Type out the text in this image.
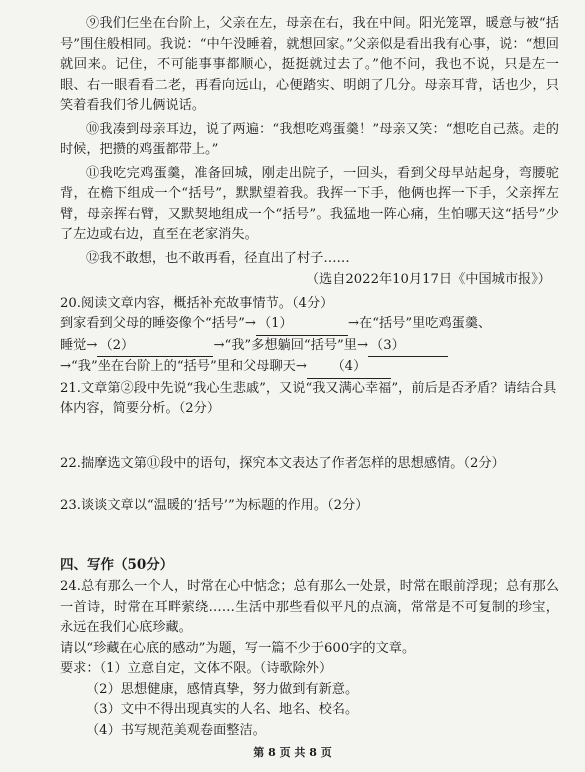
⑨我们仨坐在台阶上，父亲在左，母亲在右，我在中间。阳光笼罩，暖意与被“括号”围住般相同。我说：“中午没睡着，就想回家。”父亲似是看出我有心事，说：“想回就回来。记住，不可能事事都顺心，挺挺就过去了。”他不问，我也不说，只是左一眼、右一眼看看二老，再看向远山，心便踏实、明朗了几分。母亲耳背，话也少，只笑着看我们爷儿俩说话。

⑩我凑到母亲耳边，说了两遍：“我想吃鸡蛋羹！”母亲又笑：“想吃自己蒸。走的时候，把攒的鸡蛋都带上。”

⑪我吃完鸡蛋羹，准备回城，刚走出院子，一回头，看到父母早站起身，弯腰驼背，在檐下组成一个“括号”，默默望着我。我挥一下手，他俩也挥一下手，父亲挥左臂，母亲挥右臂，又默契地组成一个“括号”。我猛地一阵心痛，生怕哪天这“括号”少了左边或右边，直至在老家消失。

⑫我不敢想，也不敢再看，径直出了村子……

（选自2022年10月17日《中国城市报》）

20.阅读文章内容，概括补充故事情节。（4分）

到家看到父母的睡姿像个“括号”→ （1）	→在“括号”里吃鸡蛋羹、

睡觉→ （2）	→“我”多想躺回“括号”里→ （3）

→“我”坐在台阶上的“括号”里和父母聊天→ （4）

21.文章第②段中先说“我心生悲戚”，又说“我又满心幸福”，前后是否矛盾？请结合具体内容，简要分析。（2分）

22.揣摩选文第⑪段中的语句，探究本文表达了作者怎样的思想感情。（2分）

23.谈谈文章以“温暖的‘括号’”为标题的作用。（2分）

四、写作（50分）

24.总有那么一个人，时常在心中惦念；总有那么一处景，时常在眼前浮现；总有那么一首诗，时常在耳畔萦绕……生活中那些看似平凡的点滴，常常是不可复制的珍宝，永远在我们心底珍藏。

请以“珍藏在心底的感动”为题，写一篇不少于600字的文章。

要求：（1）立意自定，文体不限。（诗歌除外）

（2）思想健康，感情真挚，努力做到有新意。

（3）文中不得出现真实的人名、地名、校名。

（4）书写规范美观卷面整洁。

第 8 页 共 8 页
